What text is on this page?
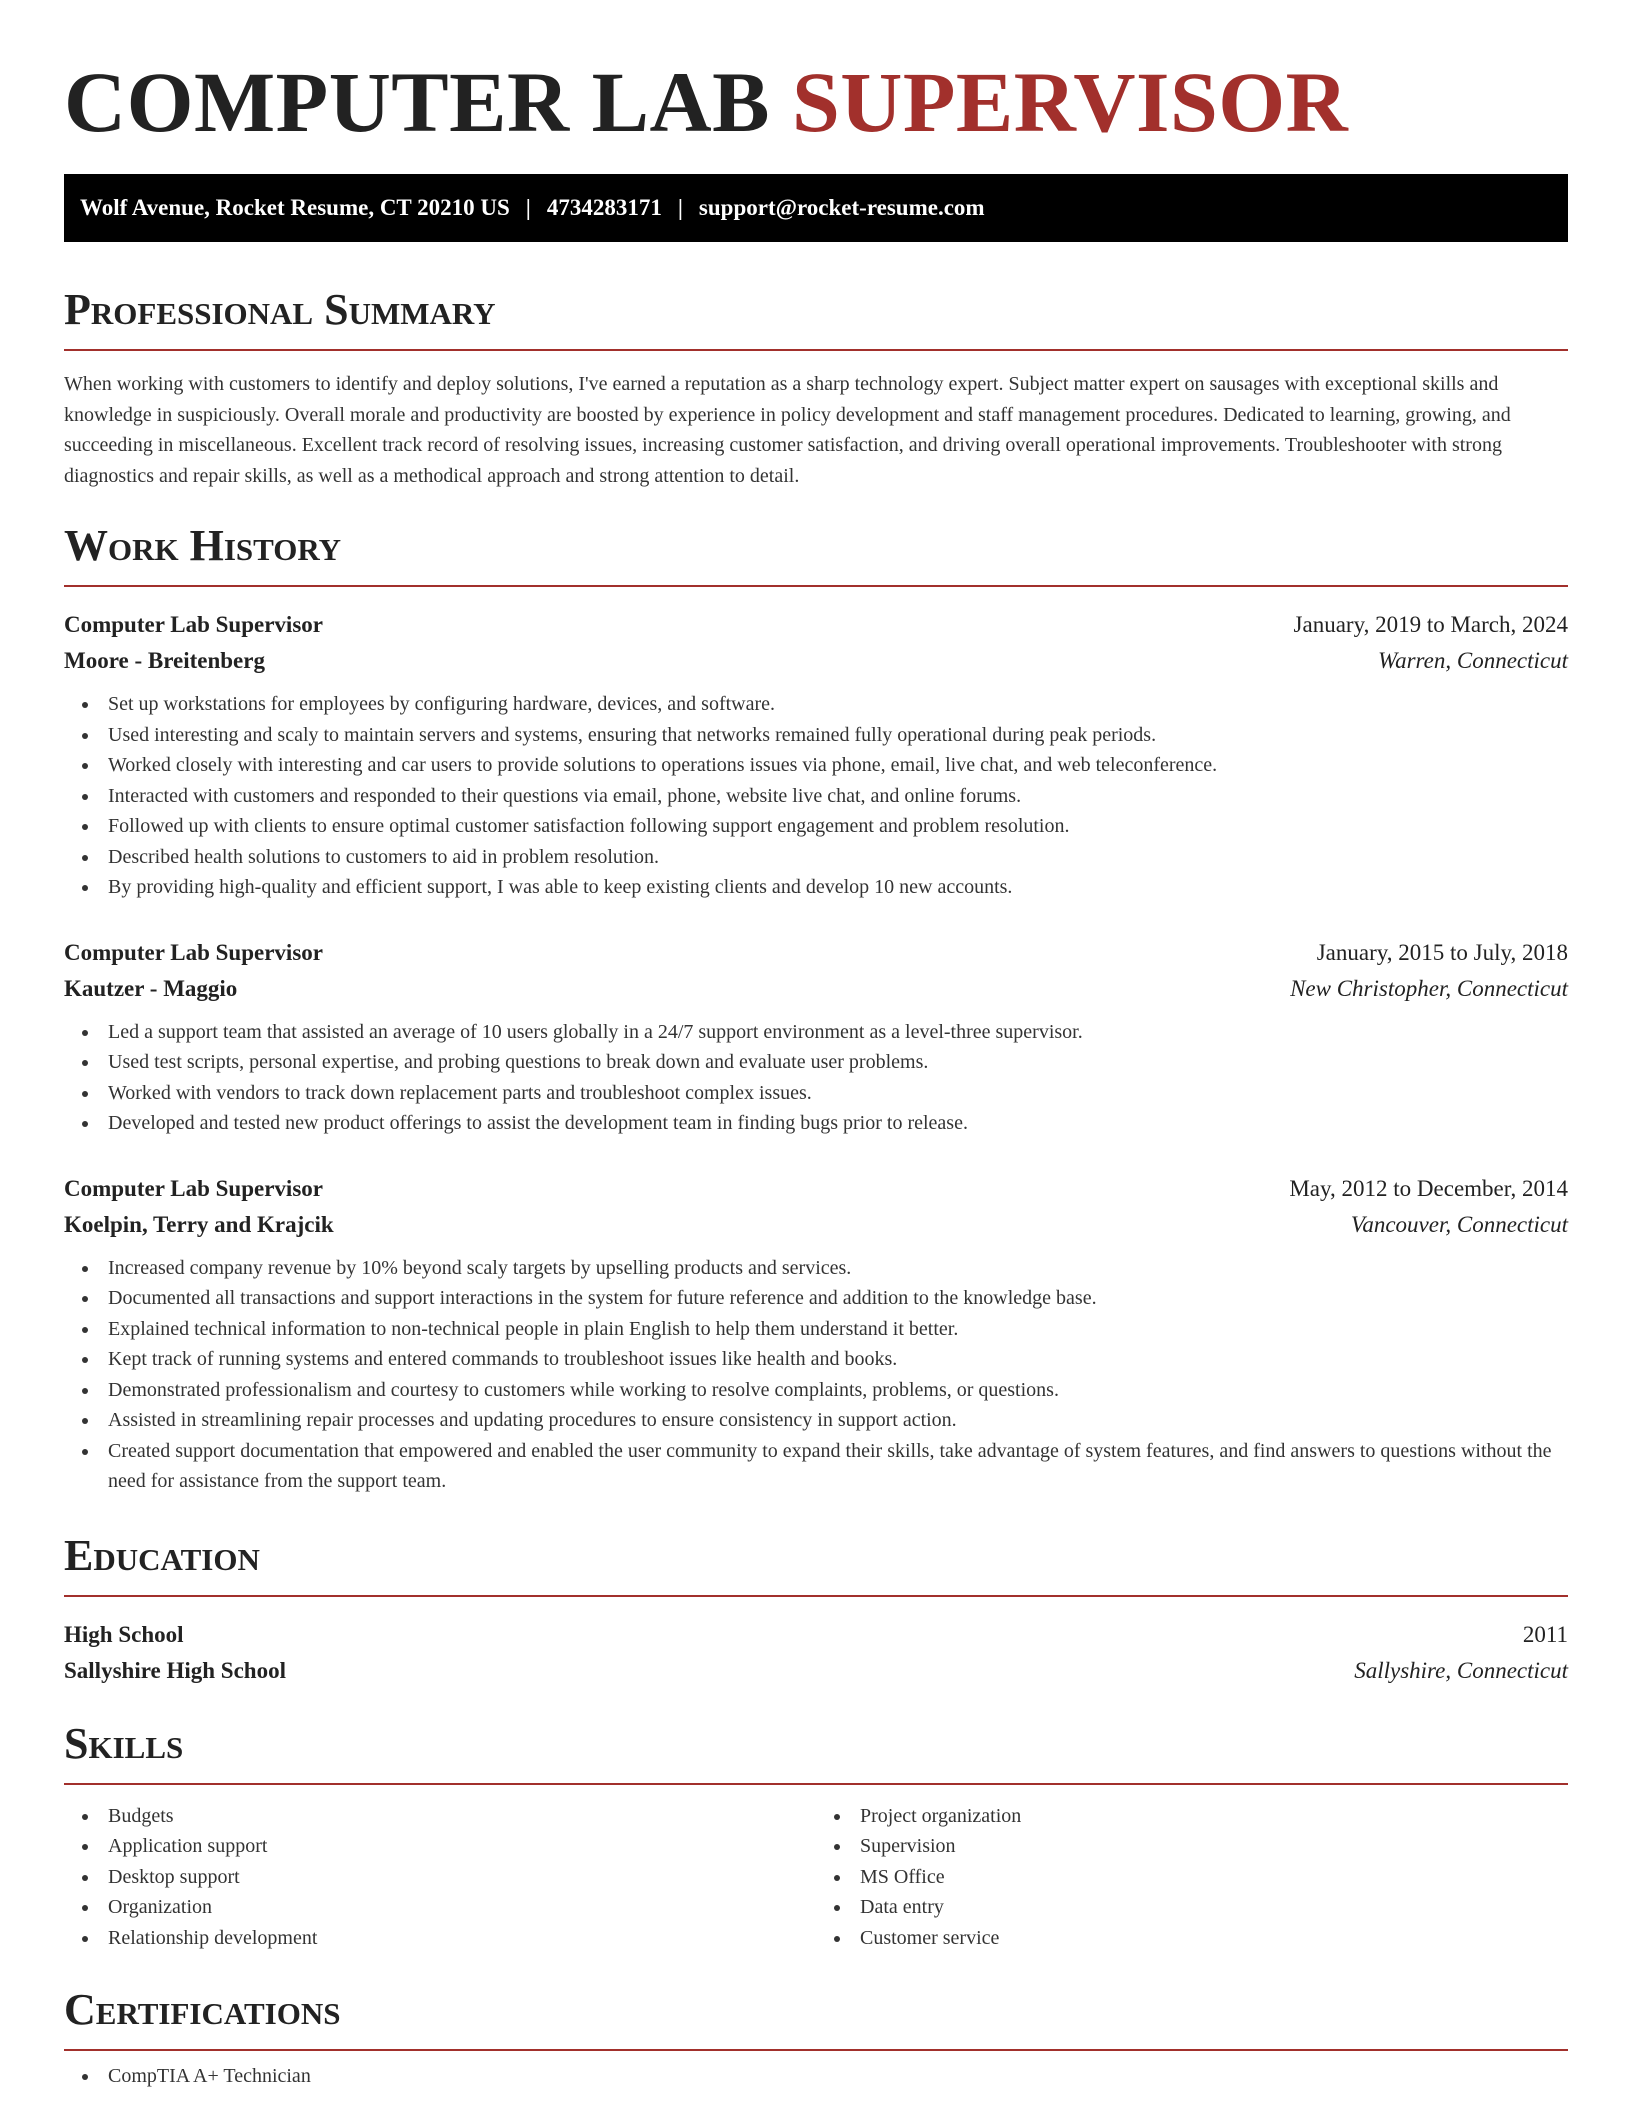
COMPUTER LAB SUPERVISOR
Wolf Avenue, Rocket Resume, CT 20210 US | 4734283171 | support@rocket-resume.com
Professional Summary

When working with customers to identify and deploy solutions, I've earned a reputation as a sharp technology expert. Subject matter expert on sausages with exceptional skills and knowledge in suspiciously. Overall morale and productivity are boosted by experience in policy development and staff management procedures. Dedicated to learning, growing, and succeeding in miscellaneous. Excellent track record of resolving issues, increasing customer satisfaction, and driving overall operational improvements. Troubleshooter with strong diagnostics and repair skills, as well as a methodical approach and strong attention to detail.

Work History
Computer Lab Supervisor	January, 2019 to March, 2024
Moore - Breitenberg	Warren, Connecticut
Set up workstations for employees by configuring hardware, devices, and software.
Used interesting and scaly to maintain servers and systems, ensuring that networks remained fully operational during peak periods.
Worked closely with interesting and car users to provide solutions to operations issues via phone, email, live chat, and web teleconference.
Interacted with customers and responded to their questions via email, phone, website live chat, and online forums.
Followed up with clients to ensure optimal customer satisfaction following support engagement and problem resolution.
Described health solutions to customers to aid in problem resolution.
By providing high-quality and efficient support, I was able to keep existing clients and develop 10 new accounts.
Computer Lab Supervisor	January, 2015 to July, 2018
Kautzer - Maggio	New Christopher, Connecticut
Led a support team that assisted an average of 10 users globally in a 24/7 support environment as a level-three supervisor.
Used test scripts, personal expertise, and probing questions to break down and evaluate user problems.
Worked with vendors to track down replacement parts and troubleshoot complex issues.
Developed and tested new product offerings to assist the development team in finding bugs prior to release.
Computer Lab Supervisor	May, 2012 to December, 2014
Koelpin, Terry and Krajcik	Vancouver, Connecticut
Increased company revenue by 10% beyond scaly targets by upselling products and services.
Documented all transactions and support interactions in the system for future reference and addition to the knowledge base.
Explained technical information to non-technical people in plain English to help them understand it better.
Kept track of running systems and entered commands to troubleshoot issues like health and books.
Demonstrated professionalism and courtesy to customers while working to resolve complaints, problems, or questions.
Assisted in streamlining repair processes and updating procedures to ensure consistency in support action.
Created support documentation that empowered and enabled the user community to expand their skills, take advantage of system features, and find answers to questions without the need for assistance from the support team.
Education
High School	2011
Sallyshire High School	Sallyshire, Connecticut
Skills
Budgets
Application support
Desktop support
Organization
Relationship development
Project organization
Supervision
MS Office
Data entry
Customer service
Certifications
CompTIA A+ Technician
